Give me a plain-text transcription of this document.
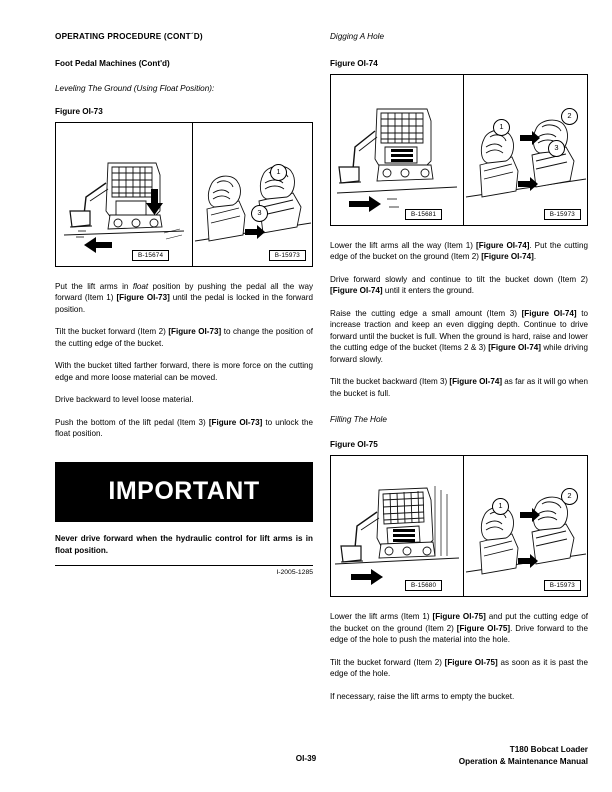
OPERATING PROCEDURE (CONT´D)
Foot Pedal Machines (Cont'd)
Leveling The Ground (Using Float Position):
Figure OI-73
1
3
B-15674	B-15973

Put the lift arms in float position by pushing the pedal all the way forward (Item 1) [Figure OI-73] until the pedal is locked in the forward position.

Tilt the bucket forward (Item 2) [Figure OI-73] to change the position of the cutting edge of the bucket.

With the bucket tilted farther forward, there is more force on the cutting edge and more loose material can be moved.

Drive backward to level loose material.

Push the bottom of the lift pedal (Item 3) [Figure OI-73] to unlock the float position.

IMPORTANT
Never drive forward when the hydraulic control for lift arms is in float position.
I-2005-1285
Digging A Hole
Figure OI-74
1
2
3
B-15681	B-15973

Lower the lift arms all the way (Item 1) [Figure OI-74]. Put the cutting edge of the bucket on the ground (Item 2) [Figure OI-74].

Drive forward slowly and continue to tilt the bucket down (Item 2) [Figure OI-74] until it enters the ground.

Raise the cutting edge a small amount (Item 3) [Figure OI-74] to increase traction and keep an even digging depth. Continue to drive forward until the bucket is full. When the ground is hard, raise and lower the cutting edge of the bucket (Items 2 & 3) [Figure OI-74] while driving forward slowly.

Tilt the bucket backward (Item 3) [Figure OI-74] as far as it will go when the bucket is full.

Filling The Hole
Figure OI-75
1
2
B-15680	B-15973

Lower the lift arms (Item 1) [Figure OI-75] and put the cutting edge of the bucket on the ground (Item 2) [Figure OI-75]. Drive forward to the edge of the hole to push the material into the hole.

Tilt the bucket forward (Item 2) [Figure OI-75] as soon as it is past the edge of the hole.

If necessary, raise the lift arms to empty the bucket.

OI-39
T180 Bobcat Loader
Operation & Maintenance Manual
